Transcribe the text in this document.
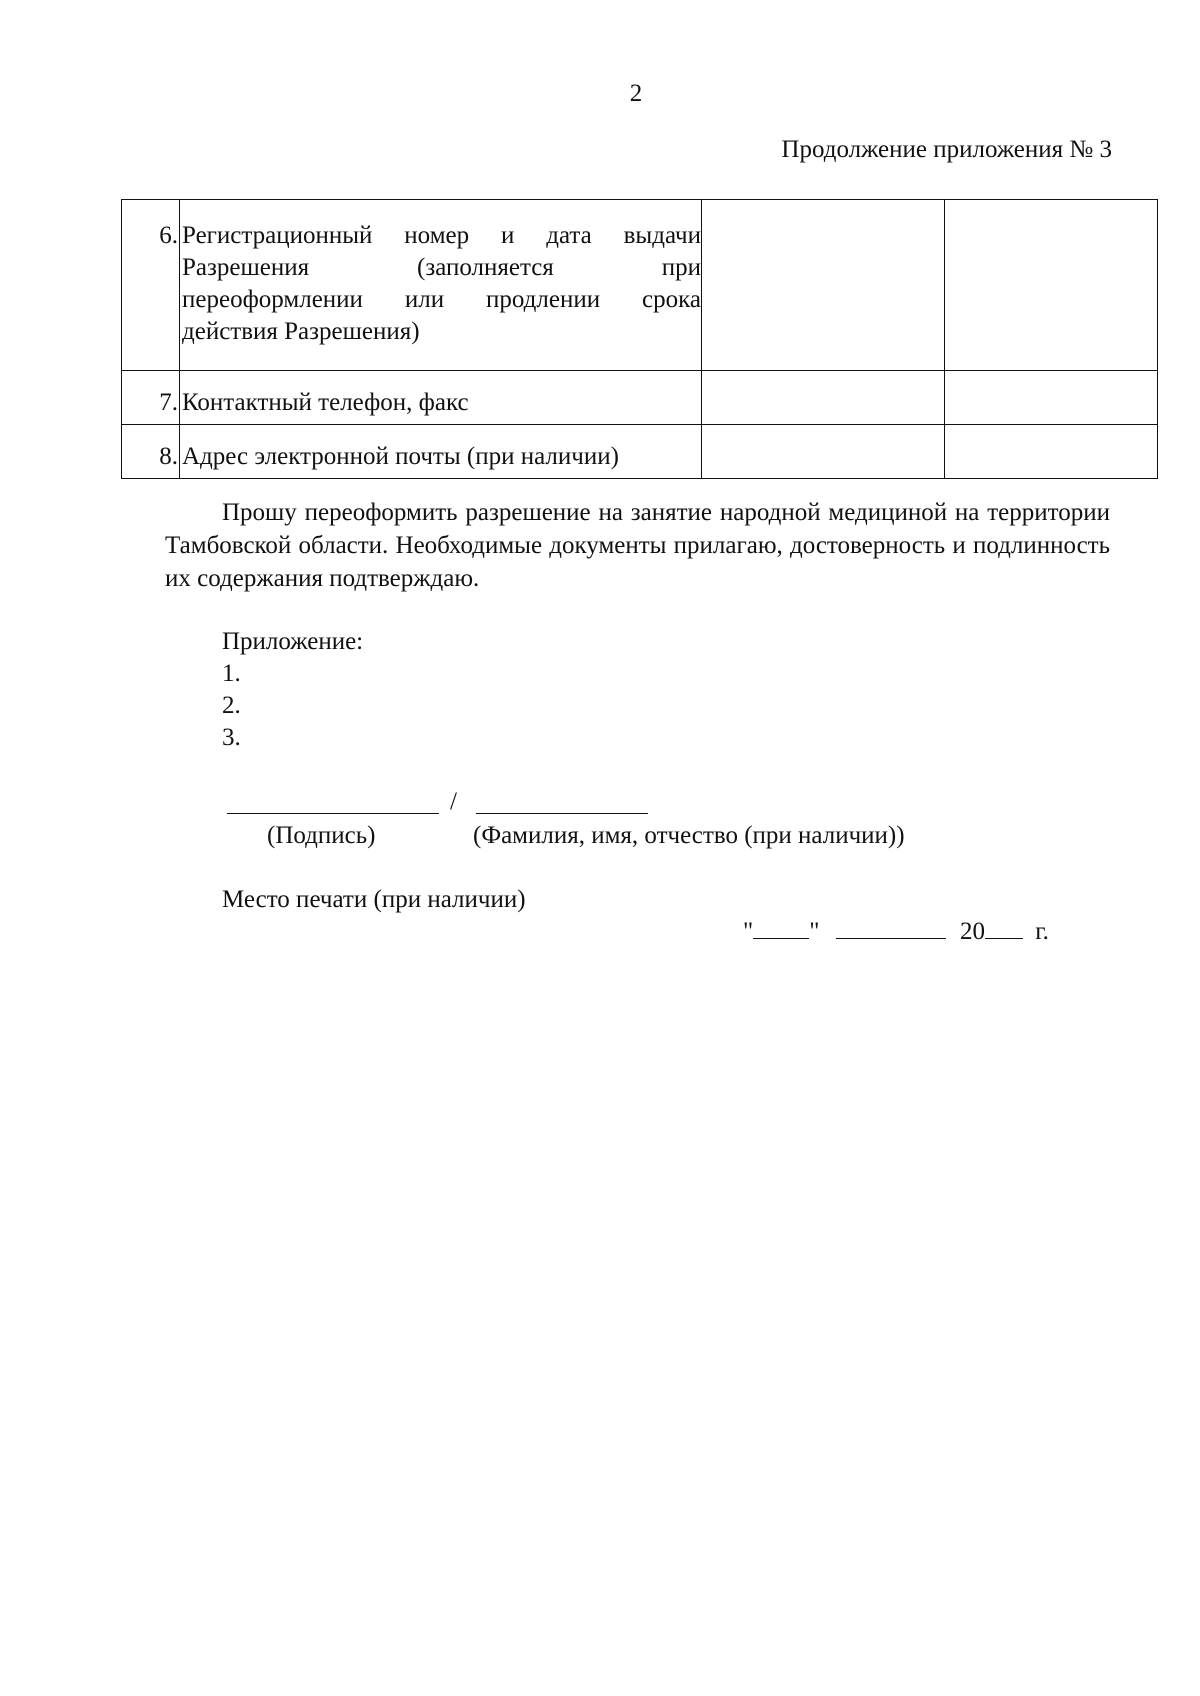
2
Продолжение приложения № 3
6.	Регистрационный номер и дата выдачи
Разрешения (заполняется при
переоформлении или продлении срока
действия Разрешения)		

7.	Контактный телефон, факс		

8.	Адрес электронной почты (при наличии)		

Прошу переоформить разрешение на занятие народной медициной на территории Тамбовской области. Необходимые документы прилагаю, достоверность и подлинность их содержания подтверждаю.
Приложение:
1.
2.
3.
/
(Подпись)	(Фамилия, имя, отчество (при наличии))
Место печати (при наличии)
" "	20 г.
